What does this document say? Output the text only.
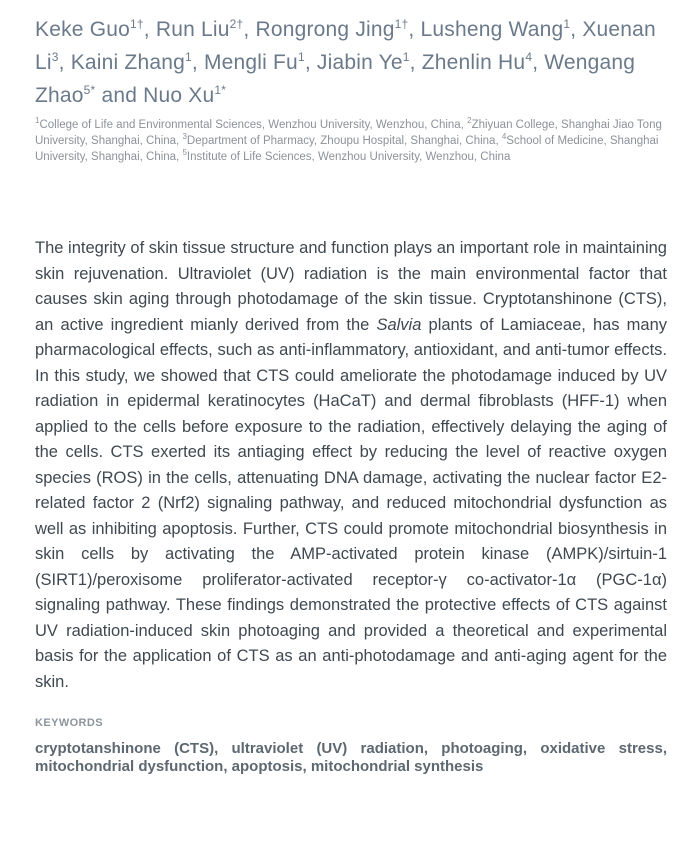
Keke Guo$^{1\dagger}$, Run Liu$^{2\dagger}$, Rongrong Jing$^{1\dagger}$, Lusheng Wang$^1$, Xuenan Li$^3$, Kaini Zhang$^1$, Mengli Fu$^1$, Jiabin Ye$^1$, Zhenlin Hu$^4$, Wengang Zhao$^{5*}$ and Nuo $Xu^{1*}$

$^1$College of Life and Environmental Sciences, Wenzhou University, Wenzhou, China, $^2$Zhiyuan College, Shanghai Jiao Tong University, Shanghai, China, $^3$Department of Pharmacy, Zhoupu Hospital, Shanghai, China, $^4$School of Medicine, Shanghai University, Shanghai, China, $^5$Institute of Life Sciences, Wenzhou University, Wenzhou, China

The integrity of skin tissue structure and function plays an important role in maintaining skin rejuvenation. Ultraviolet (UV) radiation is the main environmental factor that causes skin aging through photodamage of the skin tissue. Cryptotanshinone (CTS), an active ingredient mianly derived from the Salvia plants of Lamiaceae, has many pharmacological effects, such as anti-inflammatory, antioxidant, and anti-tumor effects. In this study, we showed that CTS could ameliorate the photodamage induced by UV radiation in epidermal keratinocytes (HaCaT) and dermal fibroblasts (HFF-1) when applied to the cells before exposure to the radiation, effectively delaying the aging of the cells. CTS exerted its antiaging effect by reducing the level of reactive oxygen species (ROS) in the cells, attenuating DNA damage, activating the nuclear factor E2-related factor 2 (Nrf2) signaling pathway, and reduced mitochondrial dysfunction as well as inhibiting apoptosis. Further, CTS could promote mitochondrial biosynthesis in skin cells by activating the AMP-activated protein kinase (AMPK)/sirtuin-1 (SIRT1)/peroxisome proliferator-activated receptor-γ co-activator-1α (PGC-1α) signaling pathway. These findings demonstrated the protective effects of CTS against UV radiation-induced skin photoaging and provided a theoretical and experimental basis for the application of CTS as an anti-photodamage and anti-aging agent for the skin.

KEYWORDS

cryptotanshinone (CTS), ultraviolet (UV) radiation, photoaging, oxidative stress, mitochondrial dysfunction, apoptosis, mitochondrial synthesis
